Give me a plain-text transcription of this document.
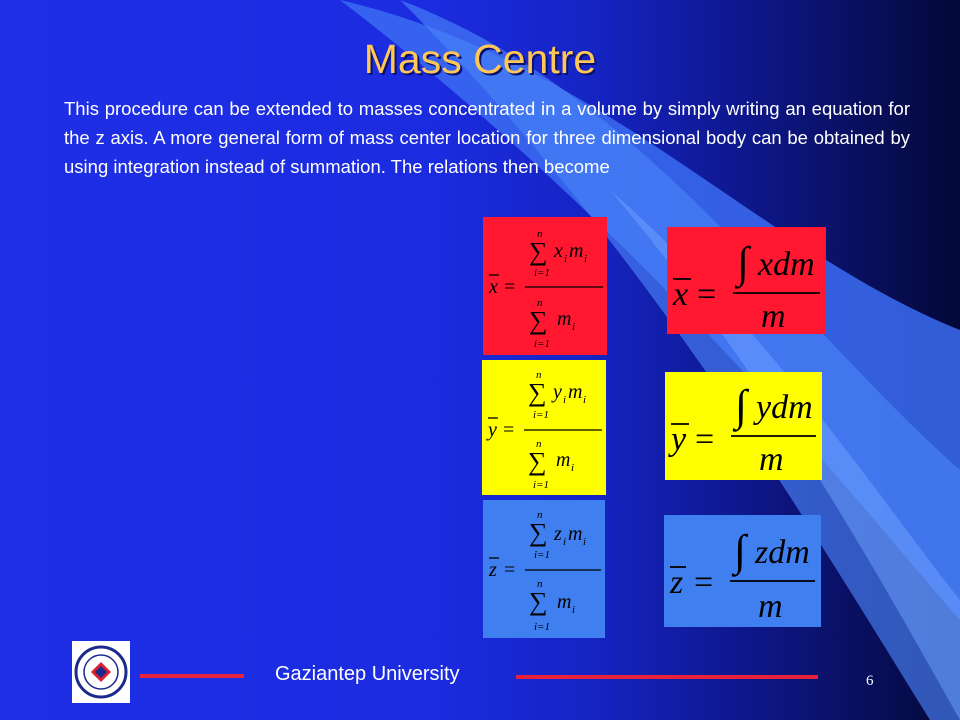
Mass Centre
This procedure can be extended to masses concentrated in a volume by simply writing an equation for the z axis. A more general form of mass center location for three dimensional body can be obtained by using integration instead of summation. The relations then become
x =
n
∑
i=1
x i m i
n
∑
i=1
m i
y =
n
∑
i=1
y i m i
n
∑
i=1
m i
z =
n
∑
i=1
z i m i
n
∑
i=1
m i
x =
∫ xdm
m
y =
∫ ydm
m
z =
∫ zdm
m
Gaziantep University	6
